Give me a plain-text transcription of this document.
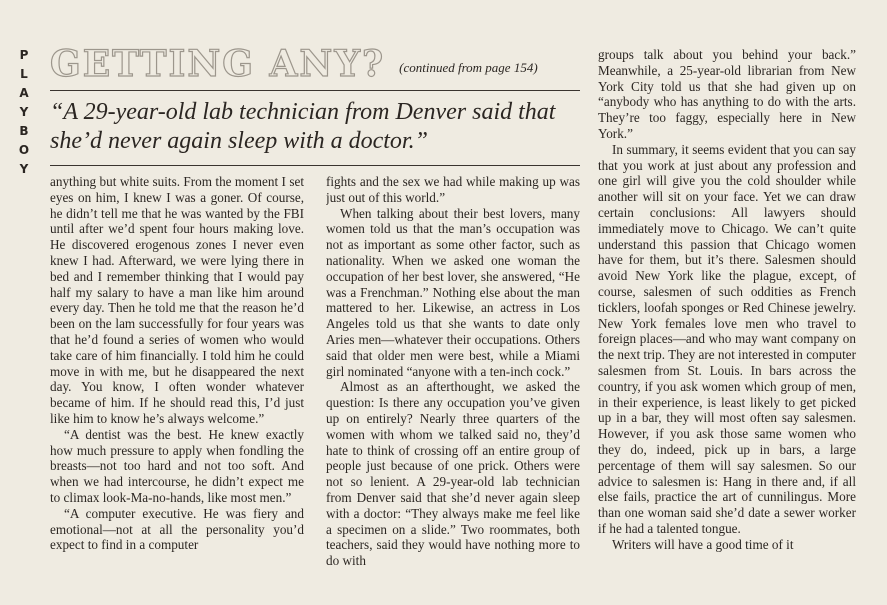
P
L
A
Y
B
O
Y
GETTING ANY? (continued from page 154)
“A 29-year-old lab technician from Denver said that she’d never again sleep with a doctor.”

anything but white suits. From the moment I set eyes on him, I knew I was a goner. Of course, he didn’t tell me that he was wanted by the FBI until after we’d spent four hours making love. He discovered erogenous zones I never even knew I had. Afterward, we were lying there in bed and I remember thinking that I would pay half my salary to have a man like him around every day. Then he told me that the reason he’d been on the lam successfully for four years was that he’d found a series of women who would take care of him financially. I told him he could move in with me, but he disappeared the next day. You know, I often wonder whatever became of him. If he should read this, I’d just like him to know he’s always welcome.”

“A dentist was the best. He knew exactly how much pressure to apply when fondling the breasts—not too hard and not too soft. And when we had intercourse, he didn’t expect me to climax look-Ma-no-hands, like most men.”

“A computer executive. He was fiery and emotional—not at all the personality you’d expect to find in a computer

fights and the sex we had while making up was just out of this world.”

When talking about their best lovers, many women told us that the man’s occupation was not as important as some other factor, such as nationality. When we asked one woman the occupation of her best lover, she answered, “He was a Frenchman.” Nothing else about the man mattered to her. Likewise, an actress in Los Angeles told us that she wants to date only Aries men—whatever their occupations. Others said that older men were best, while a Miami girl nominated “anyone with a ten-inch cock.”

Almost as an afterthought, we asked the question: Is there any occupation you’ve given up on entirely? Nearly three quarters of the women with whom we talked said no, they’d hate to think of crossing off an entire group of people just because of one prick. Others were not so lenient. A 29-year-old lab technician from Denver said that she’d never again sleep with a doctor: “They always make me feel like a specimen on a slide.” Two roommates, both teachers, said they would have nothing more to do with

groups talk about you behind your back.” Meanwhile, a 25-year-old librarian from New York City told us that she had given up on “anybody who has anything to do with the arts. They’re too faggy, especially here in New York.”

In summary, it seems evident that you can say that you work at just about any profession and one girl will give you the cold shoulder while another will sit on your face. Yet we can draw certain conclusions: All lawyers should immediately move to Chicago. We can’t quite understand this passion that Chicago women have for them, but it’s there. Salesmen should avoid New York like the plague, except, of course, salesmen of such oddities as French ticklers, loofah sponges or Red Chinese jewelry. New York females love men who travel to foreign places—and who may want company on the next trip. They are not interested in computer salesmen from St. Louis. In bars across the country, if you ask women which group of men, in their experience, is least likely to get picked up in a bar, they will most often say salesmen. However, if you ask those same women who they do, indeed, pick up in bars, a large percentage of them will say salesmen. So our advice to salesmen is: Hang in there and, if all else fails, practice the art of cunnilingus. More than one woman said she’d date a sewer worker if he had a talented tongue.

Writers will have a good time of it
